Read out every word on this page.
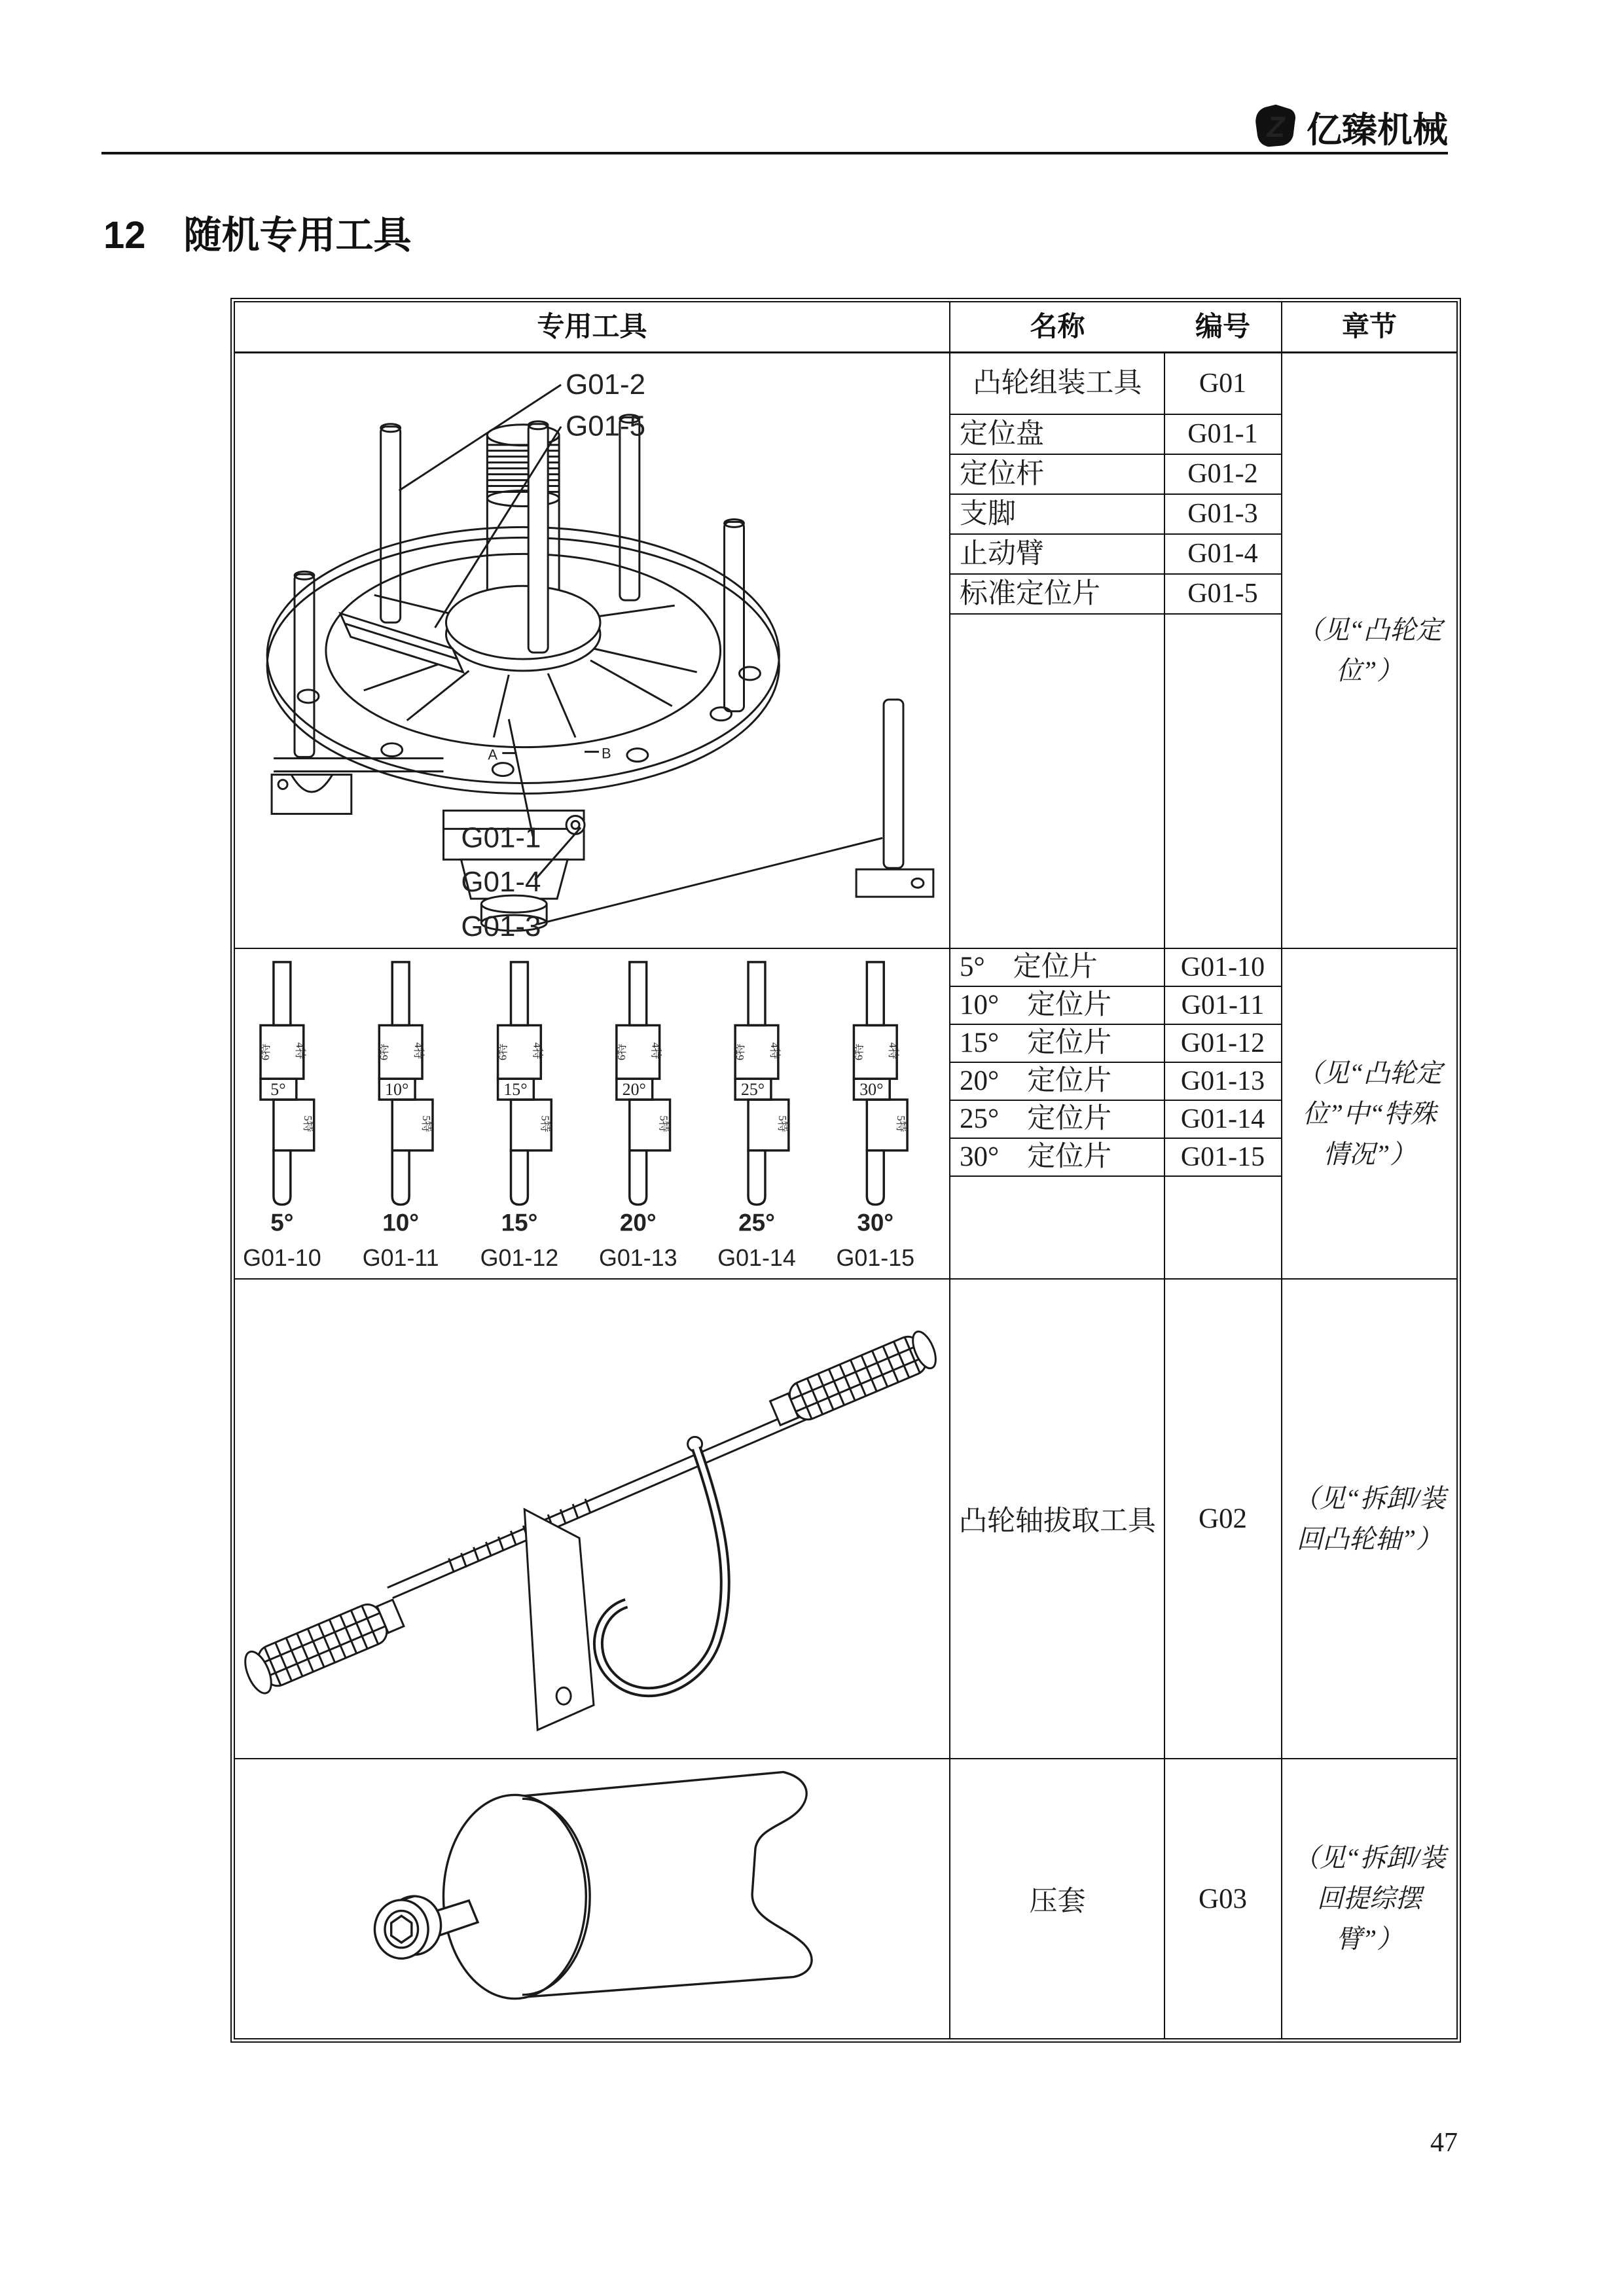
Z 亿臻机械
12　随机专用工具
专用工具	名称	编号	章节
G01-2
G01-5
G01-1
G01-4
G01-3
A	B
凸轮组装工具	G01
定位盘	G01-1
定位杆	G01-2
支脚	G01-3
止动臂	G01-4
标准定位片	G01-5
（见“凸轮定位”）
6特 4特
5特
5°
5°
G01-10
6特 4特
5特
10°
10°
G01-11
6特 4特
5特
15°
15°
G01-12
6特 4特
5特
20°
20°
G01-13
6特 4特
5特
25°
25°
G01-14
6特 4特
5特
30°
30°
G01-15
5°　定位片	G01-10
10°　定位片	G01-11
15°　定位片	G01-12
20°　定位片	G01-13
25°　定位片	G01-14
30°　定位片	G01-15
（见“凸轮定位”中“特殊情况”）
凸轮轴拔取工具	G02
（见“拆卸/装回凸轮轴”）
压套	G03
（见“拆卸/装回提综摆臂”）
47
